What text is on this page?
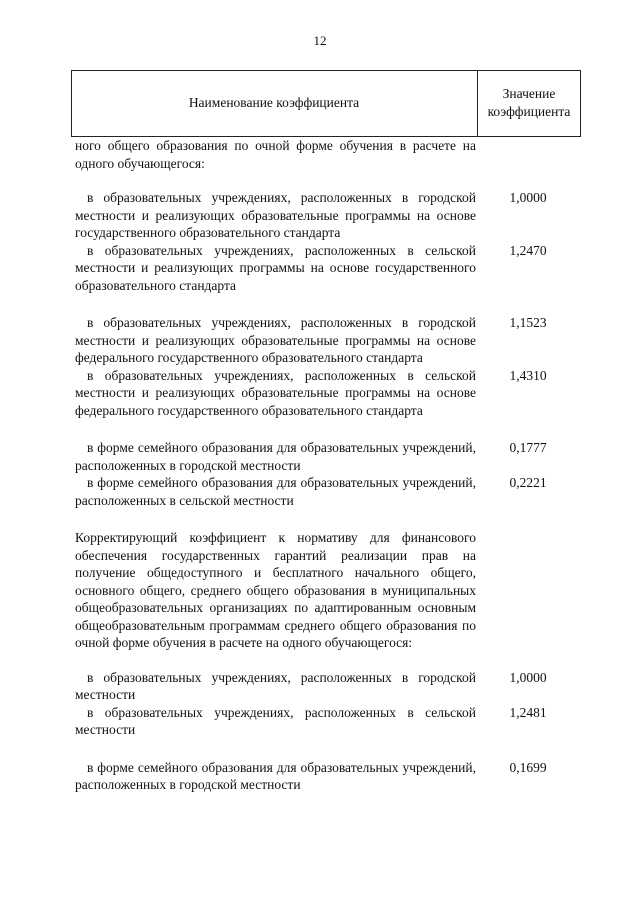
12
Наименование коэффициента
Значение
коэффициента
ного общего образования по очной форме обучения в расчете на одного обучающегося:
в образовательных учреждениях, расположенных в городской местности и реализующих образовательные программы на основе государственного образовательного стандарта
1,0000
в образовательных учреждениях, расположенных в сельской местности и реализующих программы на основе государственного образовательного стандарта
1,2470
в образовательных учреждениях, расположенных в городской местности и реализующих образовательные программы на основе федерального государственного образовательного стандарта
1,1523
в образовательных учреждениях, расположенных в сельской местности и реализующих образовательные программы на основе федерального государственного образовательного стандарта
1,4310
в форме семейного образования для образовательных учреждений, расположенных в городской местности
0,1777
в форме семейного образования для образовательных учреждений, расположенных в сельской местности
0,2221
Корректирующий коэффициент к нормативу для финансового обеспечения государственных гарантий реализации прав на получение общедоступного и бесплатного начального общего, основного общего, среднего общего образования в муниципальных общеобразовательных организациях по адаптированным основным общеобразовательным программам среднего общего образования по очной форме обучения в расчете на одного обучающегося:
в образовательных учреждениях, расположенных в городской местности
1,0000
в образовательных учреждениях, расположенных в сельской местности
1,2481
в форме семейного образования для образовательных учреждений, расположенных в городской местности
0,1699
